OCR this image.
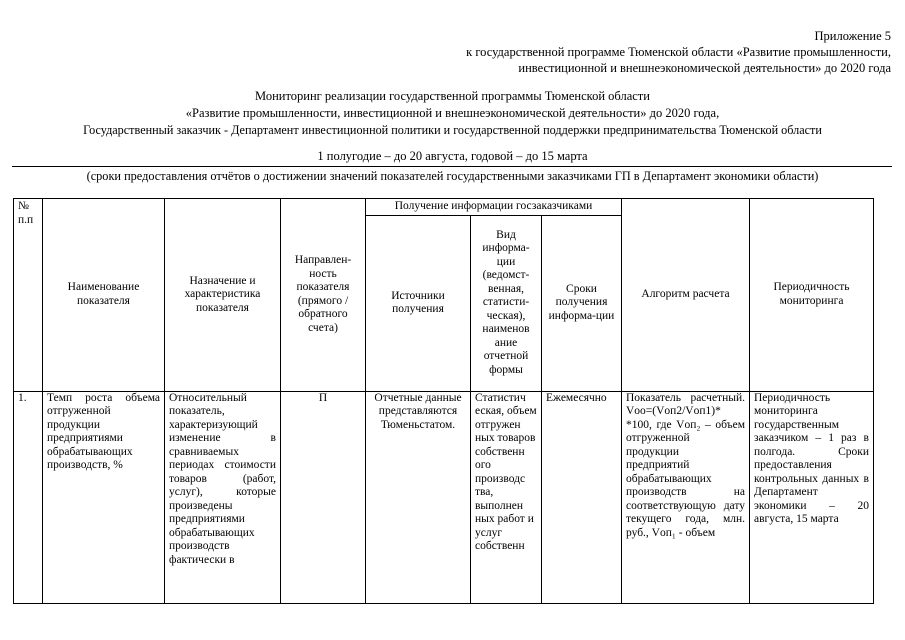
Приложение 5
к государственной программе Тюменской области «Развитие промышленности,
инвестиционной и внешнеэкономической деятельности» до 2020 года
Мониторинг реализации государственной программы Тюменской области
«Развитие промышленности, инвестиционной и внешнеэкономической деятельности» до 2020 года,
Государственный заказчик - Департамент инвестиционной политики и государственной поддержки предпринимательства Тюменской области
1 полугодие – до 20 августа, годовой – до 15 марта
(сроки предоставления отчётов о достижении значений показателей государственными заказчиками ГП в Департамент экономики области)
№ п.п	Наименование показателя	Назначение и характеристика показателя	Направлен-ность показателя (прямого /обратного счета)	Получение информации госзаказчиками			Алгоритм расчета	Периодичность мониторинга
				Источники получения	Вид информа-ции (ведомст-венная, статисти-ческая), наименов ание отчетной формы	Сроки получения информа-ции		
1.	Темп роста объема отгруженной продукции предприятиями обрабатывающих производств, %	Относительный показатель, характеризующий изменение в сравниваемых периодах стоимости товаров (работ, услуг), которые произведены предприятиями обрабатывающих производств фактически в	П	Отчетные данные представляются Тюменьстатом.	Статистич еская, объем отгружен ных товаров собственн ого производс тва, выполнен ных работ и услуг собственн	Ежемесячно	Показатель расчетный. Vоо=(Vоп2/Vоп1)* *100, где Vоп₂ – объем отгруженной продукции предприятий обрабатывающих производств на соответствующую дату текущего года, млн. руб., Vоп₁ - объем	Периодичность мониторинга государственным заказчиком – 1 раз в полгода. Сроки предоставления контрольных данных в Департамент экономики – 20 августа, 15 марта
